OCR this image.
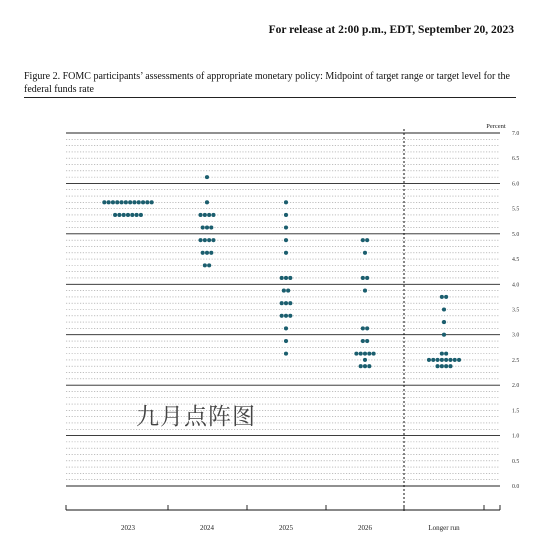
For release at 2:00 p.m., EDT, September 20, 2023
Figure 2. FOMC participants’ assessments of appropriate monetary policy: Midpoint of target range or target level for the federal funds rate
0.0
0.5
1.0
1.5
2.0
2.5
3.0
3.5
4.0
4.5
5.0
5.5
6.0
6.5
7.0
Percent
2023	2024	2025	2026	Longer run
九月点阵图
